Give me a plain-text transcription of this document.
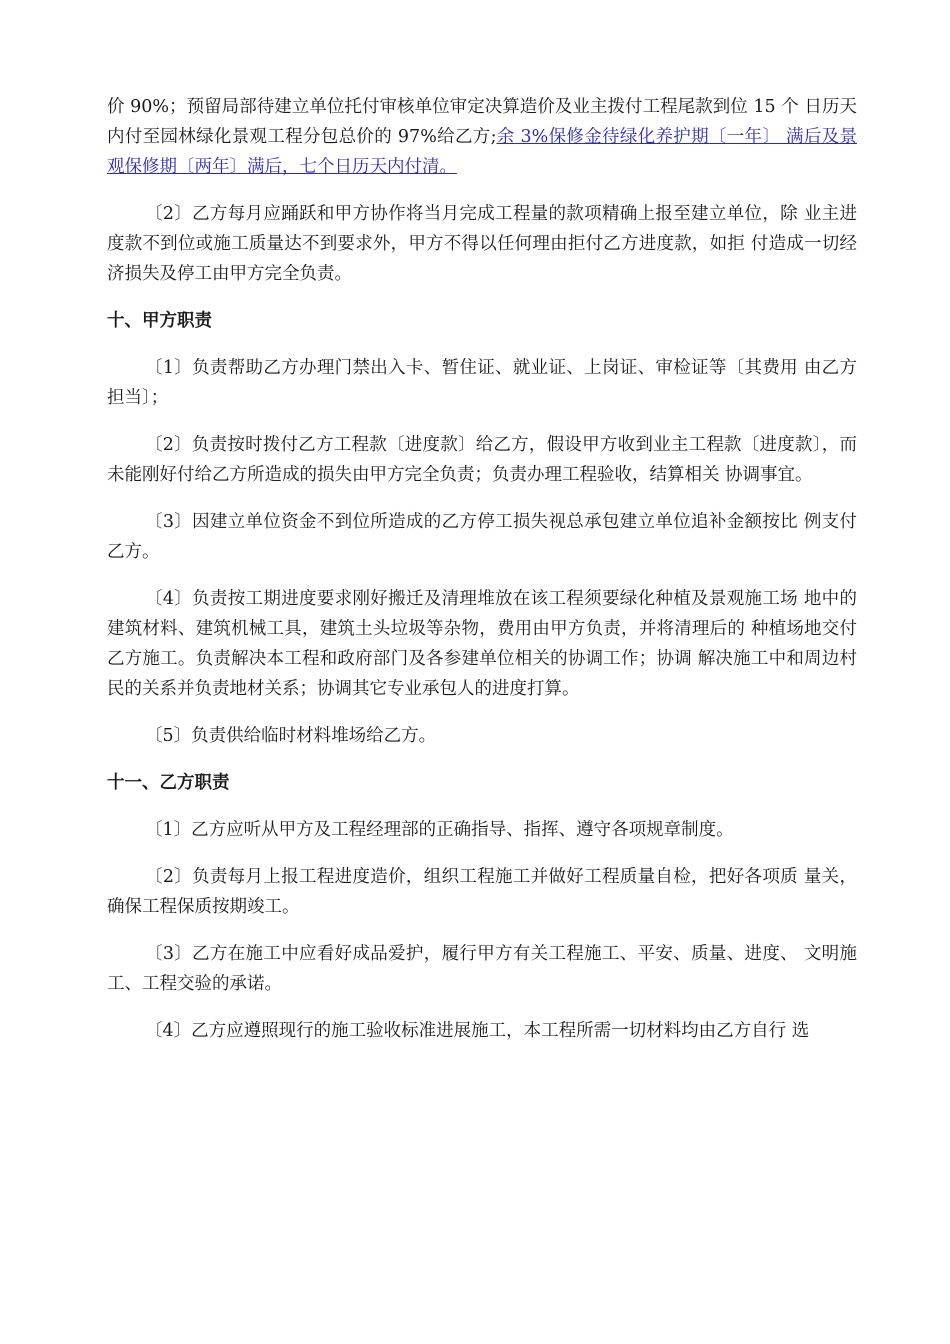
价 90%；预留局部待建立单位托付审核单位审定决算造价及业主拨付工程尾款到位 15 个 日历天内付至园林绿化景观工程分包总价的 97%给乙方;余 3%保修金待绿化养护期〔一年〕 满后及景观保修期〔两年〕满后，七个日历天内付清。

〔2〕乙方每月应踊跃和甲方协作将当月完成工程量的款项精确上报至建立单位，除 业主进度款不到位或施工质量达不到要求外，甲方不得以任何理由拒付乙方进度款，如拒 付造成一切经济损失及停工由甲方完全负责。

十、甲方职责

〔1〕负责帮助乙方办理门禁出入卡、暂住证、就业证、上岗证、审检证等〔其费用 由乙方担当〕；

〔2〕负责按时拨付乙方工程款〔进度款〕给乙方，假设甲方收到业主工程款〔进度款〕，而未能刚好付给乙方所造成的损失由甲方完全负责；负责办理工程验收，结算相关 协调事宜。

〔3〕因建立单位资金不到位所造成的乙方停工损失视总承包建立单位追补金额按比 例支付乙方。

〔4〕负责按工期进度要求刚好搬迁及清理堆放在该工程须要绿化种植及景观施工场 地中的建筑材料、建筑机械工具，建筑土头垃圾等杂物，费用由甲方负责，并将清理后的 种植场地交付乙方施工。负责解决本工程和政府部门及各参建单位相关的协调工作；协调 解决施工中和周边村民的关系并负责地材关系；协调其它专业承包人的进度打算。

〔5〕负责供给临时材料堆场给乙方。

十一、乙方职责

〔1〕乙方应听从甲方及工程经理部的正确指导、指挥、遵守各项规章制度。

〔2〕负责每月上报工程进度造价，组织工程施工并做好工程质量自检，把好各项质 量关，确保工程保质按期竣工。

〔3〕乙方在施工中应看好成品爱护，履行甲方有关工程施工、平安、质量、进度、 文明施工、工程交验的承诺。

〔4〕乙方应遵照现行的施工验收标准进展施工，本工程所需一切材料均由乙方自行 选
